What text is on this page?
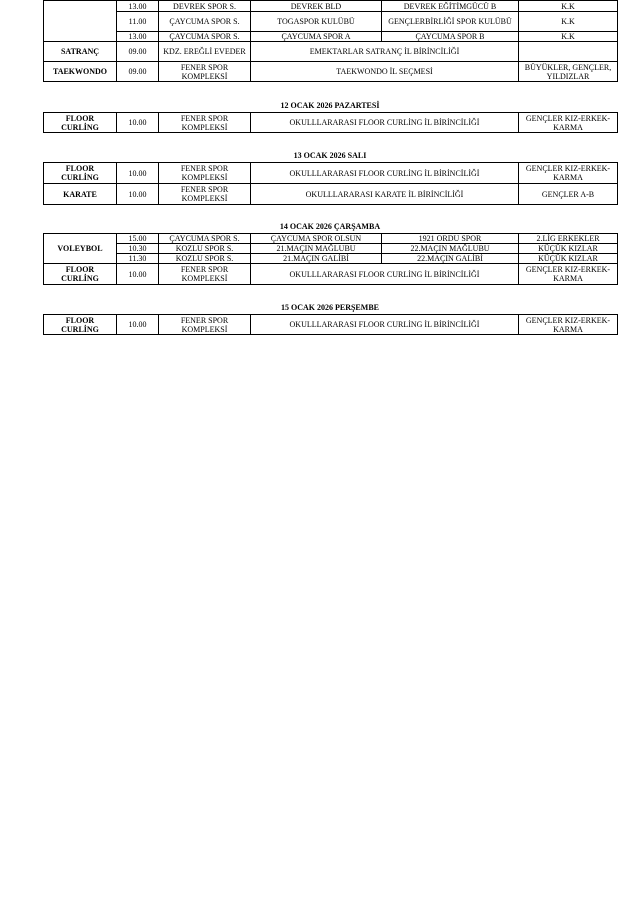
	13.00	DEVREK SPOR S.	DEVREK BLD	DEVREK EĞİTİMGÜCÜ B	K.K
	11.00	ÇAYCUMA SPOR S.	TOGASPOR KULÜBÜ	GENÇLERBİRLİĞİ SPOR KULÜBÜ	K.K
	13.00	ÇAYCUMA SPOR S.	ÇAYCUMA SPOR A	ÇAYCUMA SPOR B	K.K
SATRANÇ	09.00	KDZ. EREĞLİ EVEDER	EMEKTARLAR SATRANÇ İL BİRİNCİLİĞİ		
TAEKWONDO	09.00	FENER SPOR KOMPLEKSİ	TAEKWONDO İL SEÇMESİ		BÜYÜKLER, GENÇLER, YILDIZLAR
12 OCAK 2026 PAZARTESİ
FLOOR CURLİNG	10.00	FENER SPOR KOMPLEKSİ	OKULLLARARASI FLOOR CURLİNG İL BİRİNCİLİĞİ	GENÇLER KIZ-ERKEK-KARMA
13 OCAK 2026 SALI
FLOOR CURLİNG	10.00	FENER SPOR KOMPLEKSİ	OKULLLARARASI FLOOR CURLİNG İL BİRİNCİLİĞİ	GENÇLER KIZ-ERKEK-KARMA
KARATE	10.00	FENER SPOR KOMPLEKSİ	OKULLLARARASI KARATE İL BİRİNCİLİĞİ	GENÇLER A-B
14 OCAK 2026 ÇARŞAMBA
VOLEYBOL	15.00	ÇAYCUMA SPOR S.	ÇAYCUMA SPOR OLSUN	1921 ORDU SPOR	2.LİG ERKEKLER
	10.30	KOZLU SPOR S.	21.MAÇIN MAĞLUBU	22.MAÇIN MAĞLUBU	KÜÇÜK KIZLAR
	11.30	KOZLU SPOR S.	21.MAÇIN GALİBİ	22.MAÇIN GALİBİ	KÜÇÜK KIZLAR
FLOOR CURLİNG	10.00	FENER SPOR KOMPLEKSİ	OKULLLARARASI FLOOR CURLİNG İL BİRİNCİLİĞİ		GENÇLER KIZ-ERKEK-KARMA
15 OCAK 2026 PERŞEMBE
FLOOR CURLİNG	10.00	FENER SPOR KOMPLEKSİ	OKULLLARARASI FLOOR CURLİNG İL BİRİNCİLİĞİ	GENÇLER KIZ-ERKEK-KARMA
